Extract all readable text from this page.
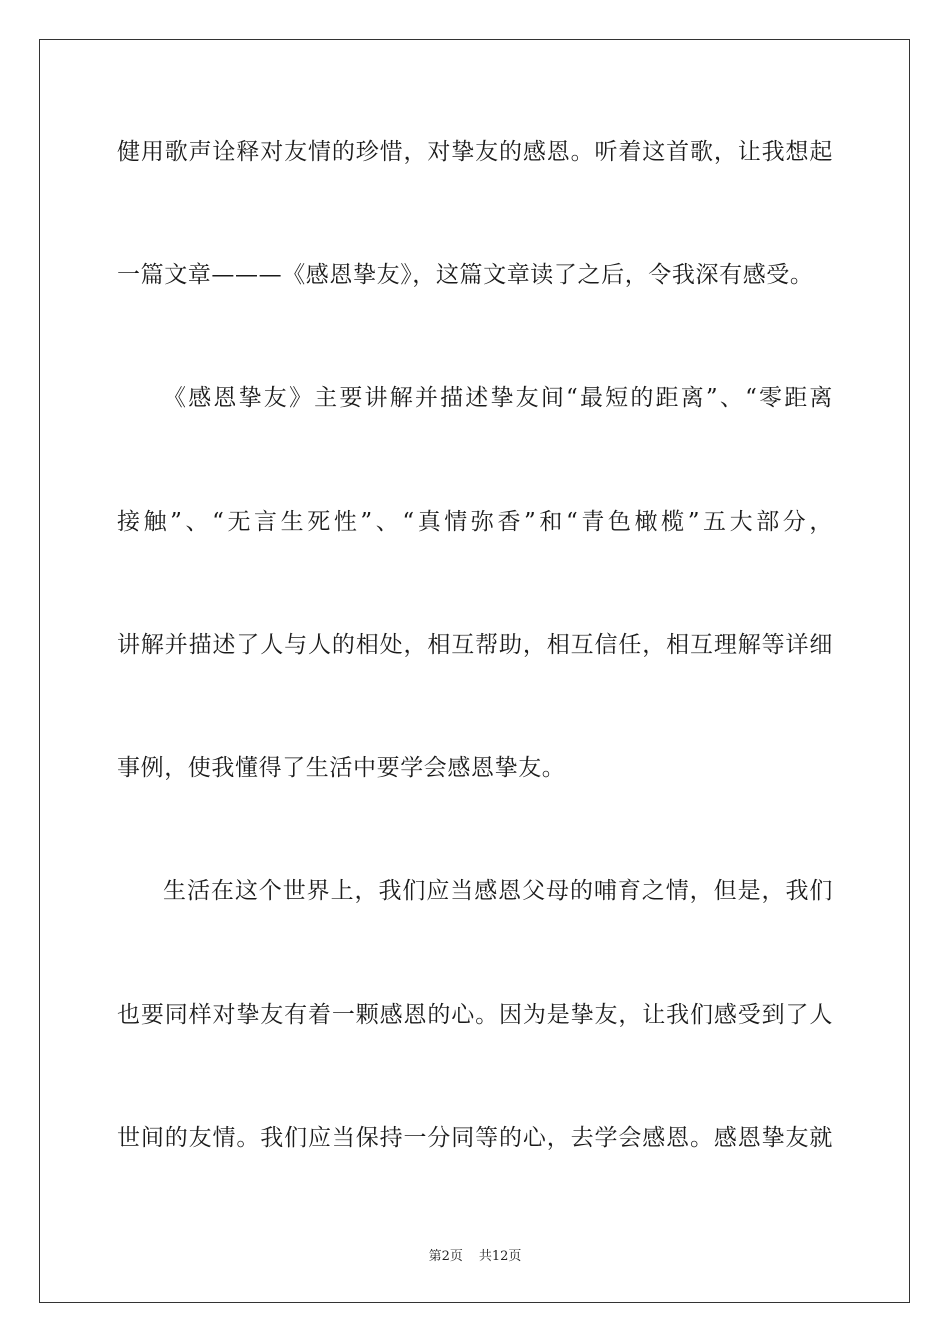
健用歌声诠释对友情的珍惜，对挚友的感恩。听着这首歌，让我想起
一篇文章———《感恩挚友》，这篇文章读了之后，令我深有感受。
《感恩挚友》主要讲解并描述挚友间“最短的距离”、“零距离
接触”、“无言生死性”、“真情弥香”和“青色橄榄”五大部分，
讲解并描述了人与人的相处，相互帮助，相互信任，相互理解等详细
事例，使我懂得了生活中要学会感恩挚友。
生活在这个世界上，我们应当感恩父母的哺育之情，但是，我们
也要同样对挚友有着一颗感恩的心。因为是挚友，让我们感受到了人
世间的友情。我们应当保持一分同等的心，去学会感恩。感恩挚友就
第2页 共12页
